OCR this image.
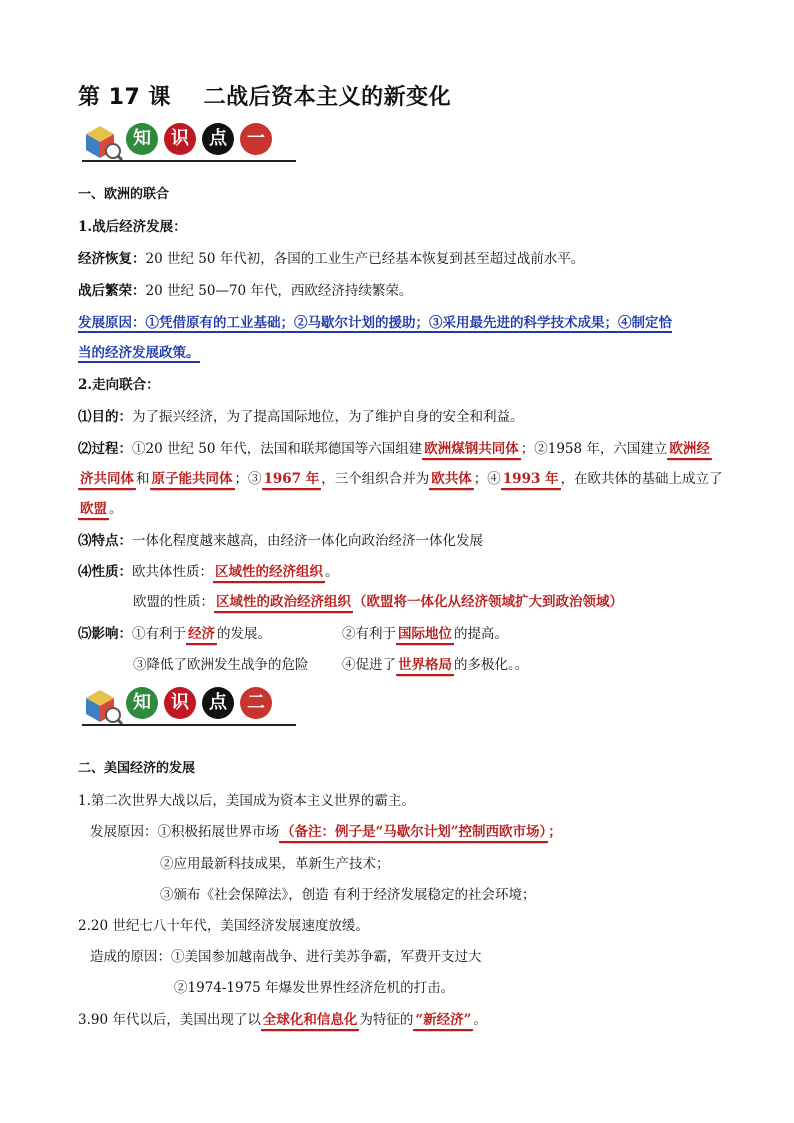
第 17 课    二战后资本主义的新变化
知	识	点	一
一、欧洲的联合
1.战后经济发展：
经济恢复：20 世纪 50 年代初，各国的工业生产已经基本恢复到甚至超过战前水平。
战后繁荣：20 世纪 50—70 年代，西欧经济持续繁荣。
发展原因：①凭借原有的工业基础；②马歇尔计划的援助；③采用最先进的科学技术成果；④制定恰
当的经济发展政策。
2.走向联合：
⑴目的：为了振兴经济，为了提高国际地位，为了维护自身的安全和利益。
⑵过程：①20 世纪 50 年代，法国和联邦德国等六国组建 欧洲煤钢共同体 ；②1958 年，六国建立 欧洲经
济共同体 和 原子能共同体 ；③ 1967 年 ，三个组织合并为 欧共体 ；④ 1993 年 ，在欧共体的基础上成立了
欧盟 。
⑶特点：一体化程度越来越高，由经济一体化向政治经济一体化发展
⑷性质：欧共体性质： 区域性的经济组织 。
欧盟的性质： 区域性的政治经济组织 （欧盟将一体化从经济领域扩大到政治领域）
⑸影响：①有利于 经济 的发展。	②有利于 国际地位 的提高。
③降低了欧洲发生战争的危险 ④促进了 世界格局 的多极化。。
知	识	点	二
二、美国经济的发展
1.第二次世界大战以后，美国成为资本主义世界的霸主。
发展原因：①积极拓展世界市场 （备注：例子是“马歇尔计划”控制西欧市场） ；
②应用最新科技成果，革新生产技术；
③颁布《社会保障法》，创造 有利于经济发展稳定的社会环境；
2.20 世纪七八十年代，美国经济发展速度放缓。
造成的原因：①美国参加越南战争、进行美苏争霸，军费开支过大
②1974-1975 年爆发世界性经济危机的打击。
3.90 年代以后，美国出现了以 全球化和信息化 为特征的 “新经济” 。
